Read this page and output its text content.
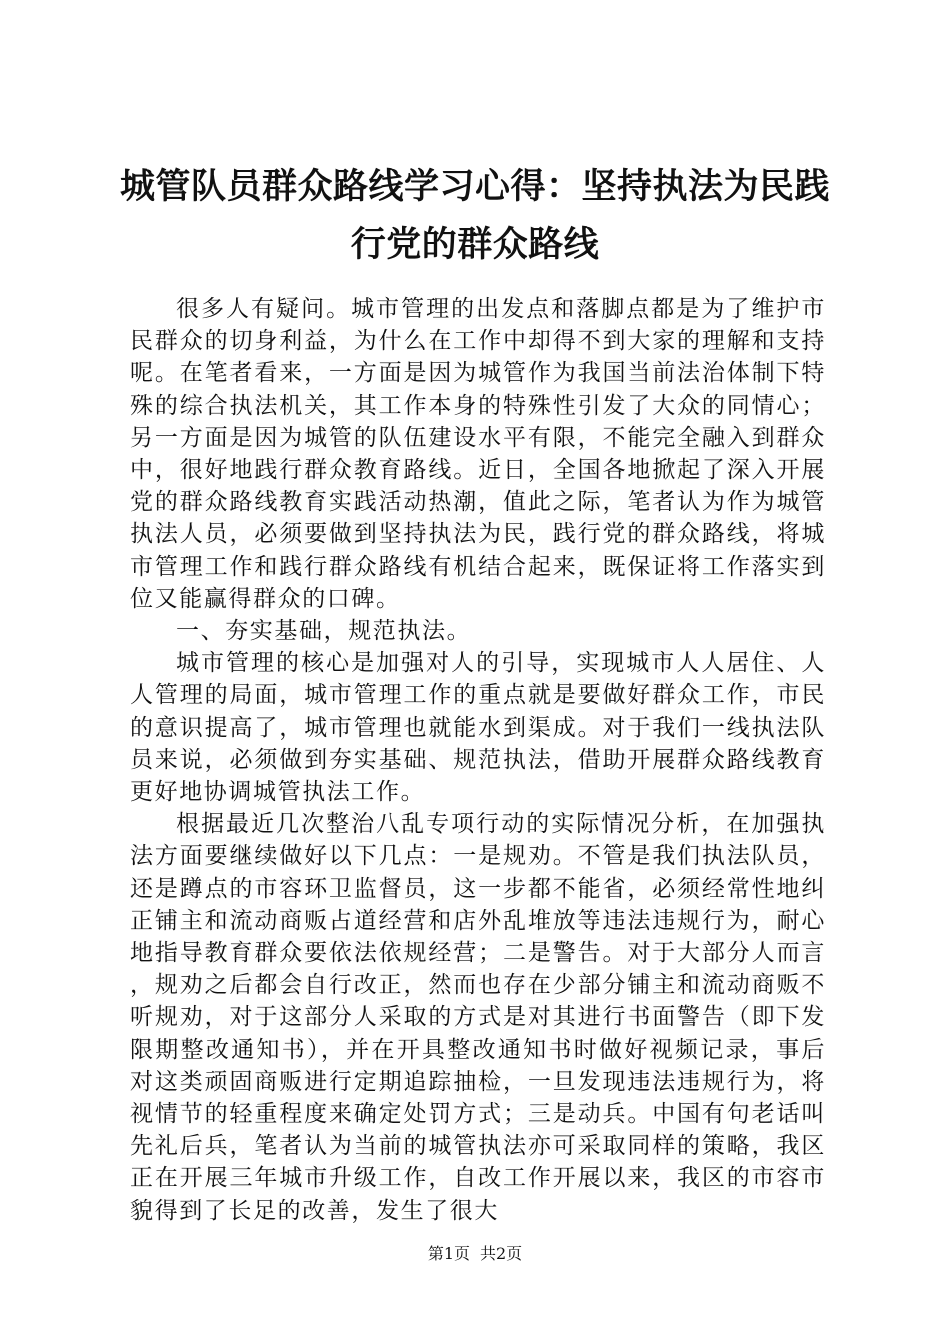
城管队员群众路线学习心得：坚持执法为民践行党的群众路线

很多人有疑问。城市管理的出发点和落脚点都是为了维护市民群众的切身利益，为什么在工作中却得不到大家的理解和支持呢。在笔者看来，一方面是因为城管作为我国当前法治体制下特殊的综合执法机关，其工作本身的特殊性引发了大众的同情心；另一方面是因为城管的队伍建设水平有限，不能完全融入到群众中，很好地践行群众教育路线。近日，全国各地掀起了深入开展党的群众路线教育实践活动热潮，值此之际，笔者认为作为城管执法人员，必须要做到坚持执法为民，践行党的群众路线，将城市管理工作和践行群众路线有机结合起来，既保证将工作落实到位又能赢得群众的口碑。

一、夯实基础，规范执法。

城市管理的核心是加强对人的引导，实现城市人人居住、人人管理的局面，城市管理工作的重点就是要做好群众工作，市民的意识提高了，城市管理也就能水到渠成。对于我们一线执法队员来说，必须做到夯实基础、规范执法，借助开展群众路线教育更好地协调城管执法工作。

根据最近几次整治八乱专项行动的实际情况分析，在加强执法方面要继续做好以下几点：一是规劝。不管是我们执法队员，还是蹲点的市容环卫监督员，这一步都不能省，必须经常性地纠正铺主和流动商贩占道经营和店外乱堆放等违法违规行为，耐心地指导教育群众要依法依规经营；二是警告。对于大部分人而言，规劝之后都会自行改正，然而也存在少部分铺主和流动商贩不听规劝，对于这部分人采取的方式是对其进行书面警告（即下发限期整改通知书），并在开具整改通知书时做好视频记录，事后对这类顽固商贩进行定期追踪抽检，一旦发现违法违规行为，将视情节的轻重程度来确定处罚方式；三是动兵。中国有句老话叫先礼后兵，笔者认为当前的城管执法亦可采取同样的策略，我区正在开展三年城市升级工作，自改工作开展以来，我区的市容市貌得到了长足的改善，发生了很大

第1页 共2页
